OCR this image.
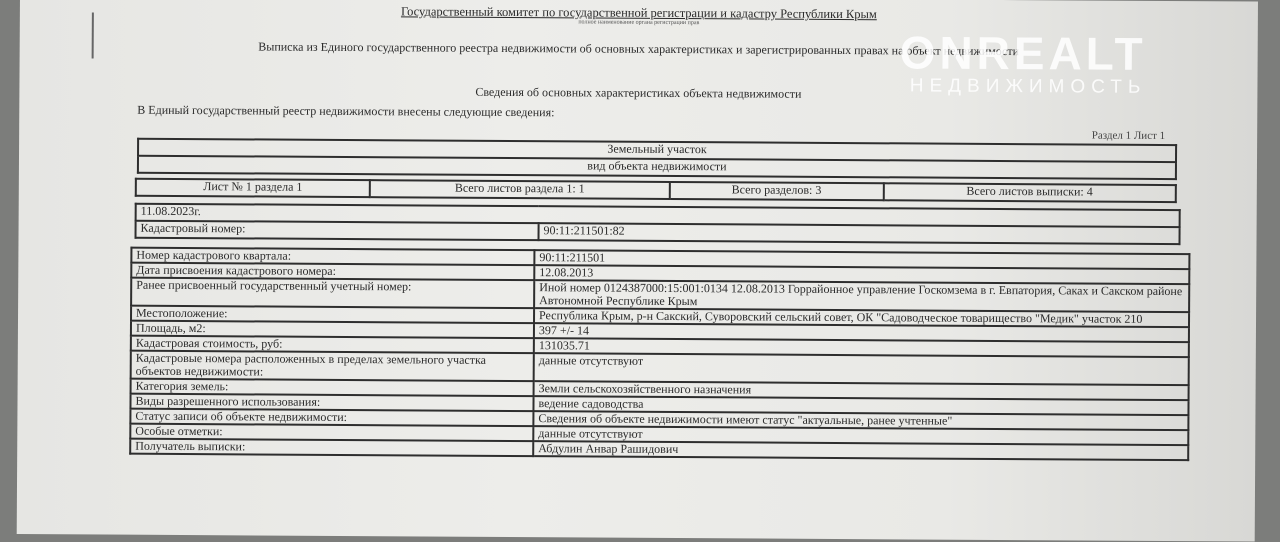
Государственный комитет по государственной регистрации и кадастру Республики Крым
полное наименование органа регистрации прав
Выписка из Единого государственного реестра недвижимости об основных характеристиках и зарегистрированных правах на объект недвижимости
Сведения об основных характеристиках объекта недвижимости
В Единый государственный реестр недвижимости внесены следующие сведения:
Раздел 1 Лист 1
Земельный участок
вид объекта недвижимости
Лист № 1 раздела 1	Всего листов раздела 1: 1	Всего разделов: 3	Всего листов выписки: 4
11.08.2023г.
Кадастровый номер:	90:11:211501:82
Номер кадастрового квартала:	90:11:211501
Дата присвоения кадастрового номера:	12.08.2013
Ранее присвоенный государственный учетный номер:	Иной номер 0124387000:15:001:0134 12.08.2013 Горрайонное управление Госкомзема в г. Евпатория, Саках и Сакском районе Автономной Республике Крым
Местоположение:	Республика Крым, р-н Сакский, Суворовский сельский совет, ОК "Садоводческое товарищество "Медик" участок 210
Площадь, м2:	397 +/- 14
Кадастровая стоимость, руб:	131035.71
Кадастровые номера расположенных в пределах земельного участка объектов недвижимости:	данные отсутствуют
Категория земель:	Земли сельскохозяйственного назначения
Виды разрешенного использования:	ведение садоводства
Статус записи об объекте недвижимости:	Сведения об объекте недвижимости имеют статус "актуальные, ранее учтенные"
Особые отметки:	данные отсутствуют
Получатель выписки:	Абдулин Анвар Рашидович
ONREALT
НЕДВИЖИМОСТЬ
